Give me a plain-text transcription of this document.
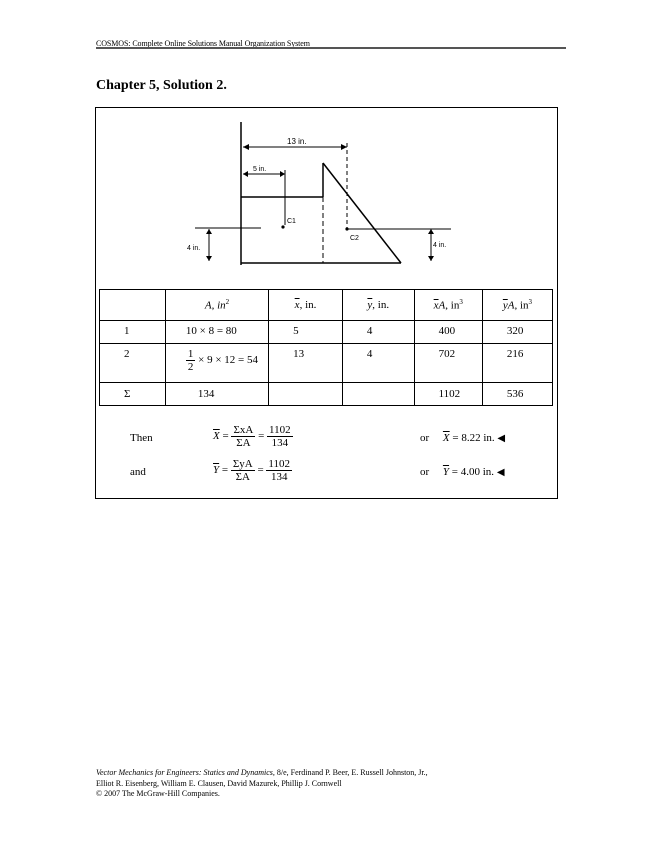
COSMOS: Complete Online Solutions Manual Organization System
Chapter 5, Solution 2.
13 in.
5 in.
C1
C2
4 in.	4 in.
	A, $in^2$	$\overline{x}$, in.	$\overline{y}$, in.	$\overline{x}A$, $in^3$	$\overline{y}A$, $in^3$

1	10 × 8 = 80	5	4	400	320

2	$\frac{1}{2} \times 9 \times 12 = 54$	13	4	702	216

Σ	134			1102	536
Then	$\overline{X} = \frac{\text{ΣxA}}{\Sigma A} = \frac{1102}{134}$	or $\overline{X} = 8.22$ in. ◀
and	$\overline{Y} = \frac{\text{ΣyA}}{\Sigma A} = \frac{1102}{134}$	or $\overline{Y} = 4.00$ in. ◀
Vector Mechanics for Engineers: Statics and Dynamics, 8/e, Ferdinand P. Beer, E. Russell Johnston, Jr.,
Elliot R. Eisenberg, William E. Clausen, David Mazurek, Phillip J. Cornwell
© 2007 The McGraw-Hill Companies.
